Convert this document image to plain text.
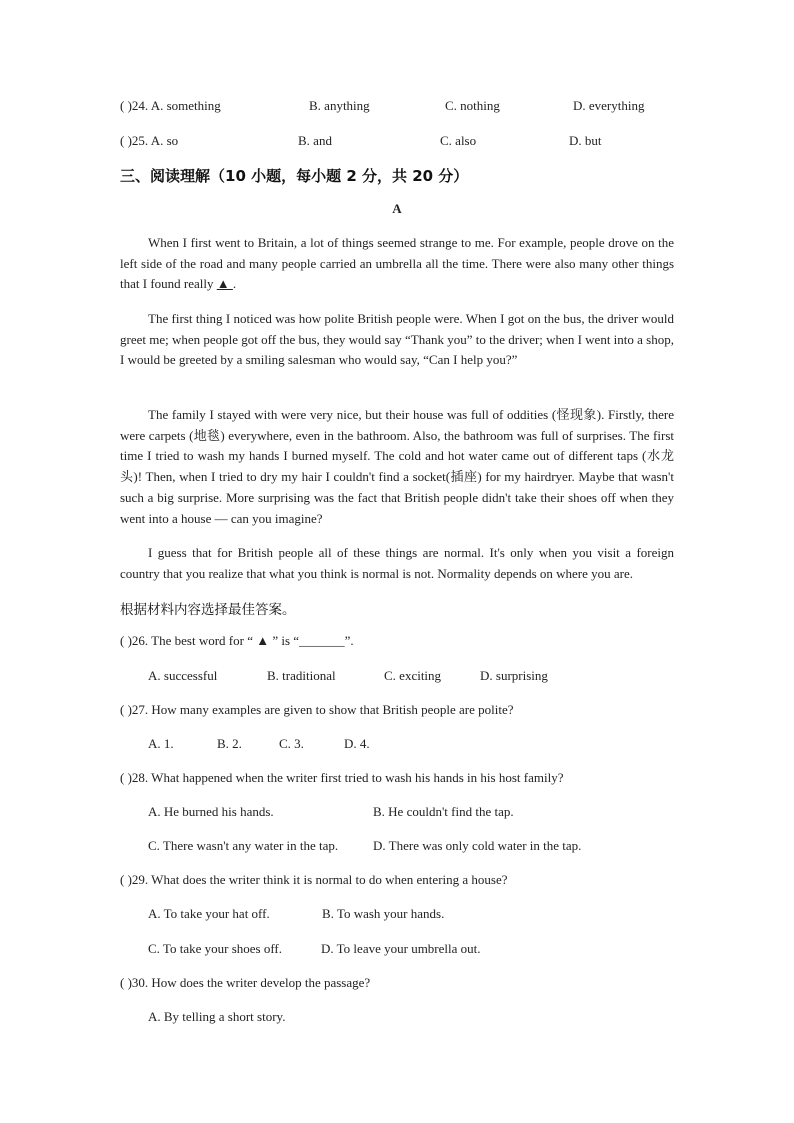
( )24. A. something	B. anything	C. nothing	D. everything
( )25. A. so	B. and	C. also	D. but
三、阅读理解（10 小题，每小题 2 分，共 20 分）
A
When I first went to Britain, a lot of things seemed strange to me. For example, people drove on the left side of the road and many people carried an umbrella all the time. There were also many other things that I found really ▲ .
The first thing I noticed was how polite British people were. When I got on the bus, the driver would greet me; when people got off the bus, they would say “Thank you” to the driver; when I went into a shop, I would be greeted by a smiling salesman who would say, “Can I help you?”
The family I stayed with were very nice, but their house was full of oddities (怪现象). Firstly, there were carpets (地毯) everywhere, even in the bathroom. Also, the bathroom was full of surprises. The first time I tried to wash my hands I burned myself. The cold and hot water came out of different taps (水龙头)! Then, when I tried to dry my hair I couldn't find a socket(插座) for my hairdryer. Maybe that wasn't such a big surprise. More surprising was the fact that British people didn't take their shoes off when they went into a house — can you imagine?
I guess that for British people all of these things are normal. It's only when you visit a foreign country that you realize that what you think is normal is not. Normality depends on where you are.
根据材料内容选择最佳答案。
( )26. The best word for “ ▲ ” is “_______”.
A. successful	B. traditional	C. exciting	D. surprising
( )27. How many examples are given to show that British people are polite?
A. 1.	B. 2.	C. 3.	D. 4.
( )28. What happened when the writer first tried to wash his hands in his host family?
A. He burned his hands.	B. He couldn't find the tap.
C. There wasn't any water in the tap.	D. There was only cold water in the tap.
( )29. What does the writer think it is normal to do when entering a house?
A. To take your hat off.	B. To wash your hands.
C. To take your shoes off.	D. To leave your umbrella out.
( )30. How does the writer develop the passage?
A. By telling a short story.
